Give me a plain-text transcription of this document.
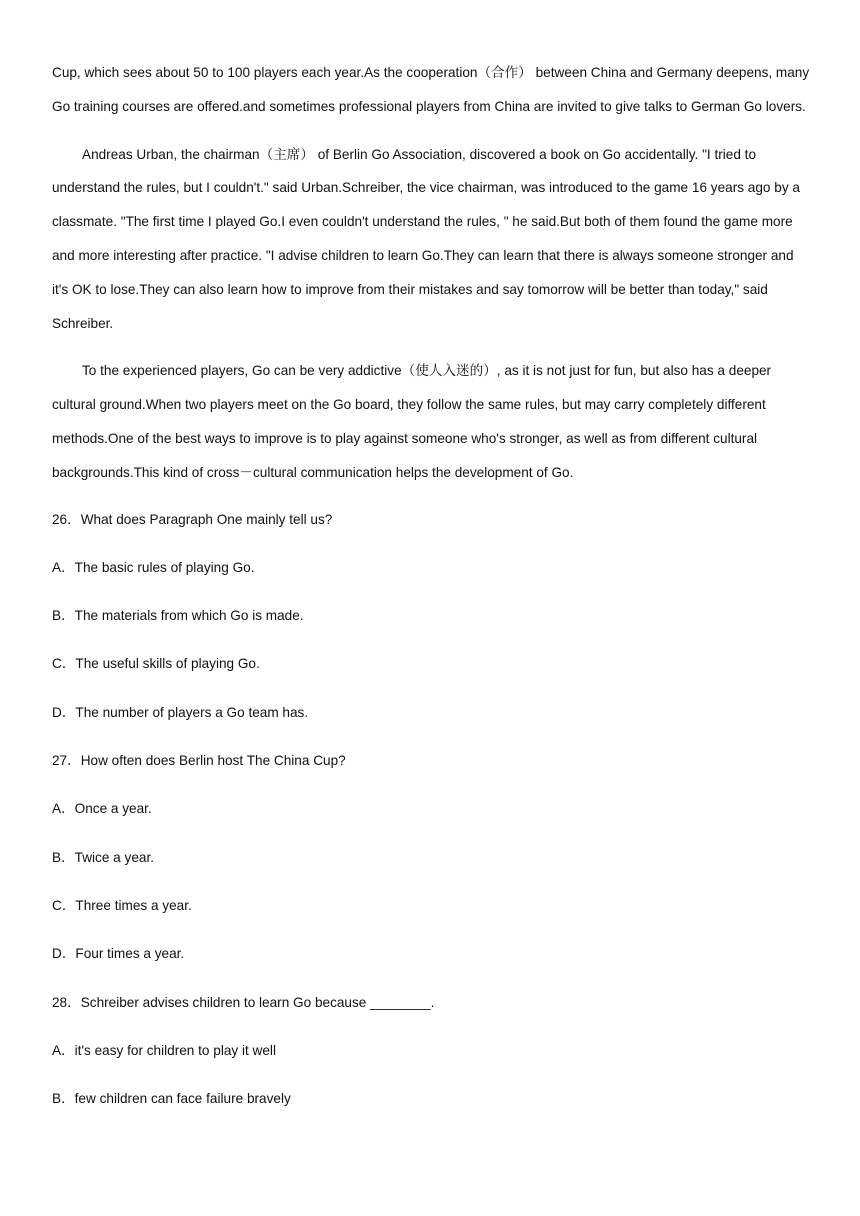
Cup, which sees about 50 to 100 players each year.As the cooperation（合作） between China and Germany deepens, many Go training courses are offered.and sometimes professional players from China are invited to give talks to German Go lovers.

Andreas Urban, the chairman（主席） of Berlin Go Association, discovered a book on Go accidentally. "I tried to understand the rules, but I couldn't." said Urban.Schreiber, the vice chairman, was introduced to the game 16 years ago by a classmate. "The first time I played Go.I even couldn't understand the rules, " he said.But both of them found the game more and more interesting after practice. "I advise children to learn Go.They can learn that there is always someone stronger and it's OK to lose.They can also learn how to improve from their mistakes and say tomorrow will be better than today," said Schreiber.

To the experienced players, Go can be very addictive（使人入迷的）, as it is not just for fun, but also has a deeper cultural ground.When two players meet on the Go board, they follow the same rules, but may carry completely different methods.One of the best ways to improve is to play against someone who's stronger, as well as from different cultural backgrounds.This kind of cross－cultural communication helps the development of Go.

26．What does Paragraph One mainly tell us?
A．The basic rules of playing Go.
B．The materials from which Go is made.
C．The useful skills of playing Go.
D．The number of players a Go team has.
27．How often does Berlin host The China Cup?
A．Once a year.
B．Twice a year.
C．Three times a year.
D．Four times a year.
28．Schreiber advises children to learn Go because ________.
A．it's easy for children to play it well
B．few children can face failure bravely
